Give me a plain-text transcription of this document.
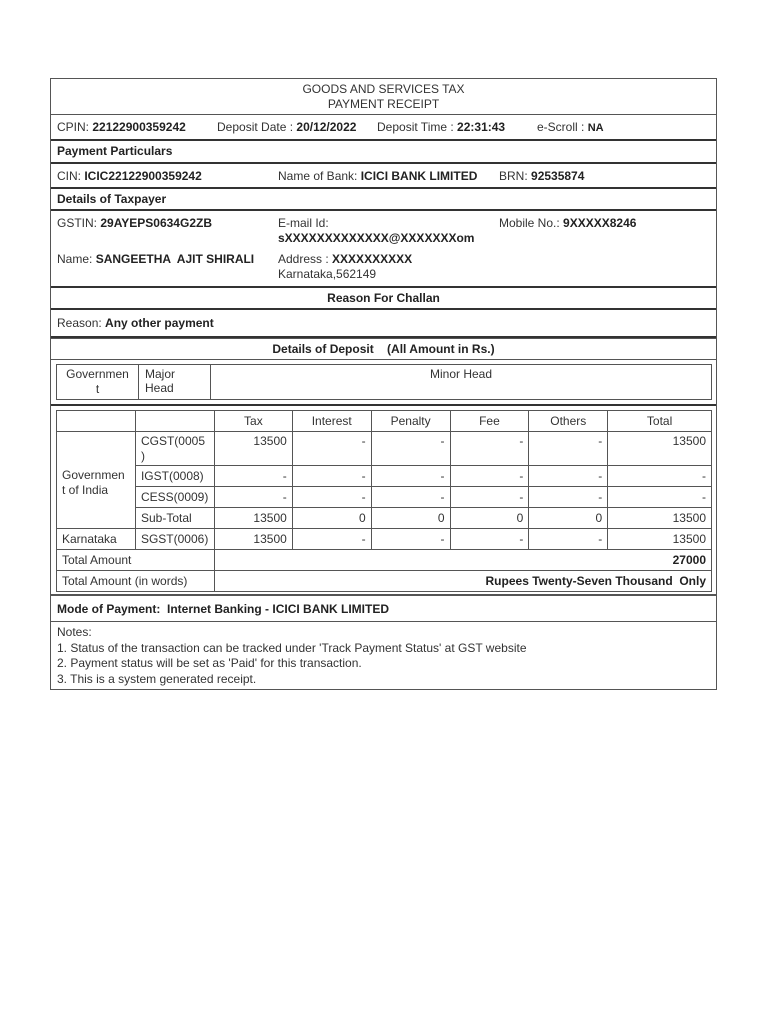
GOODS AND SERVICES TAX
PAYMENT RECEIPT
CPIN: 22122900359242	Deposit Date : 20/12/2022 Deposit Time : 22:31:43	e-Scroll : NA
Payment Particulars
CIN: ICIC22122900359242	Name of Bank: ICICI BANK LIMITED BRN: 92535874
Details of Taxpayer
GSTIN: 29AYEPS0634G2ZB	E-mail Id:
sXXXXXXXXXXXXX@XXXXXXXom
Mobile No.: 9XXXXX8246
Name: SANGEETHA  AJIT SHIRALI Address : XXXXXXXXXX
Karnataka,562149
Reason For Challan
Reason: Any other payment
Details of Deposit    (All Amount in Rs.)
Governmen t	Major Head	Minor Head
		Tax	Interest	Penalty	Fee	Others	Total
Governmen t of India	CGST(0005 )	13500	-	-	-	-	13500
	IGST(0008)	-	-	-	-	-	-
	CESS(0009)	-	-	-	-	-	-
	Sub-Total	13500	0	0	0	0	13500
Karnataka	SGST(0006)	13500	-	-	-	-	13500
Total Amount		27000					
Total Amount (in words)		Rupees Twenty-Seven Thousand  Only					
Mode of Payment: Internet Banking - ICICI BANK LIMITED
Notes:
1. Status of the transaction can be tracked under 'Track Payment Status' at GST website
2. Payment status will be set as 'Paid' for this transaction.
3. This is a system generated receipt.
